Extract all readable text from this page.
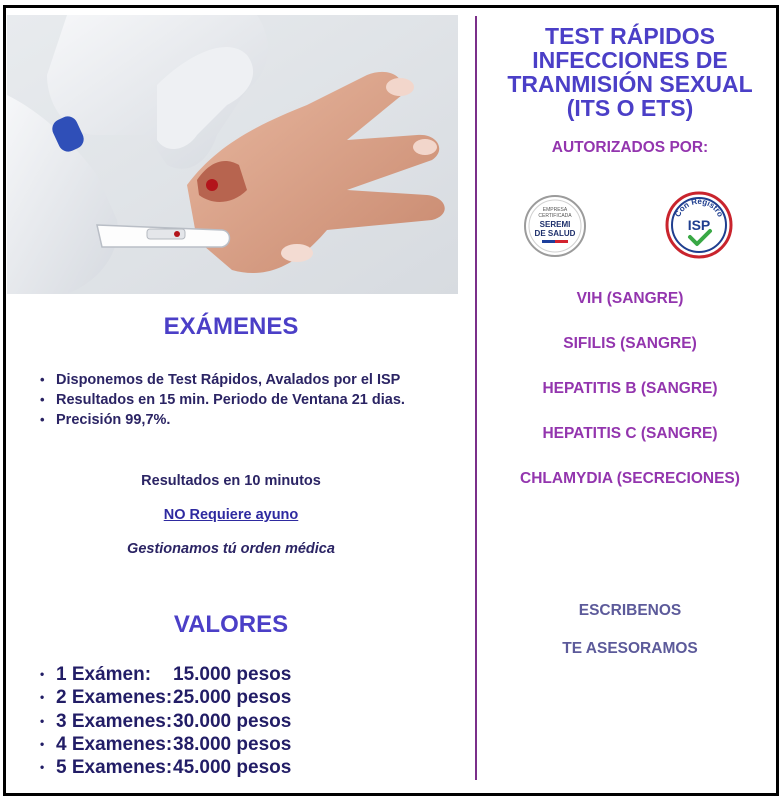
EXÁMENES
• Disponemos de Test Rápidos, Avalados por el ISP
• Resultados en 15 min. Periodo de Ventana 21 dias.
• Precisión 99,7%.
Resultados en 10 minutos
NO Requiere ayuno
Gestionamos tú orden médica
VALORES
• 1 Exámen: 15.000 pesos
• 2 Examenes:25.000 pesos
• 3 Examenes:30.000 pesos
• 4 Examenes:38.000 pesos
• 5 Examenes:45.000 pesos
TEST RÁPIDOS
INFECCIONES DE
TRANMISIÓN SEXUAL
(ITS O ETS)
AUTORIZADOS POR:
EMPRESA
CERTIFICADA
SEREMI
DE SALUD
Con Registro
ISP
VIH (SANGRE)
SIFILIS (SANGRE)
HEPATITIS B (SANGRE)
HEPATITIS C (SANGRE)
CHLAMYDIA (SECRECIONES)
ESCRIBENOS
TE ASESORAMOS
